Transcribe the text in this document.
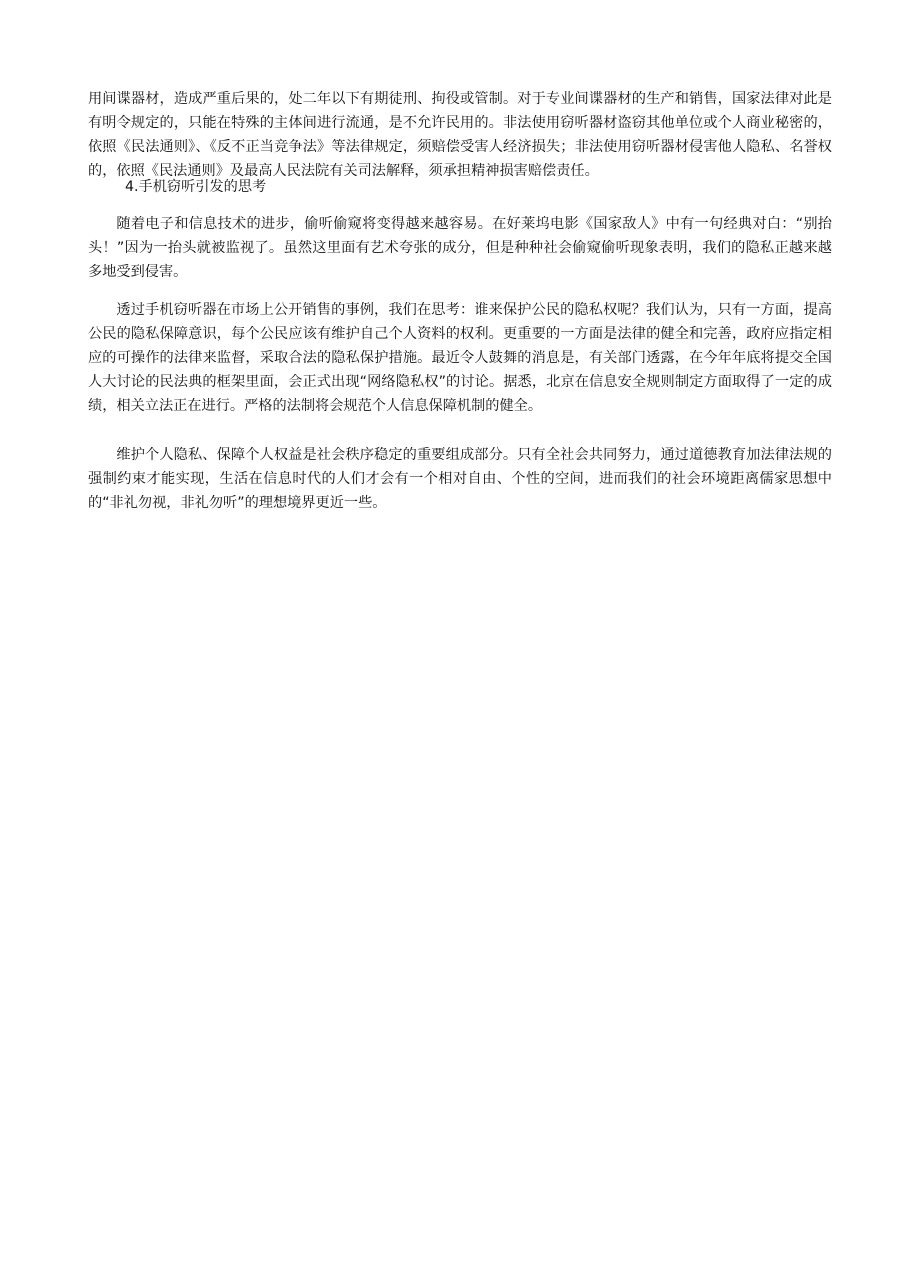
用间谍器材，造成严重后果的，处二年以下有期徒刑、拘役或管制。对于专业间谍器材的生产和销售，国家法律对此是有明令规定的，只能在特殊的主体间进行流通，是不允许民用的。非法使用窃听器材盗窃其他单位或个人商业秘密的，依照《民法通则》、《反不正当竞争法》等法律规定，须赔偿受害人经济损失；非法使用窃听器材侵害他人隐私、名誉权的，依照《民法通则》及最高人民法院有关司法解释，须承担精神损害赔偿责任。

4.手机窃听引发的思考

随着电子和信息技术的进步，偷听偷窥将变得越来越容易。在好莱坞电影《国家敌人》中有一句经典对白：“别抬头！”因为一抬头就被监视了。虽然这里面有艺术夸张的成分，但是种种社会偷窥偷听现象表明，我们的隐私正越来越多地受到侵害。

透过手机窃听器在市场上公开销售的事例，我们在思考：谁来保护公民的隐私权呢？我们认为，只有一方面，提高公民的隐私保障意识，每个公民应该有维护自己个人资料的权利。更重要的一方面是法律的健全和完善，政府应指定相应的可操作的法律来监督，采取合法的隐私保护措施。最近令人鼓舞的消息是，有关部门透露，在今年年底将提交全国人大讨论的民法典的框架里面，会正式出现“网络隐私权”的讨论。据悉，北京在信息安全规则制定方面取得了一定的成绩，相关立法正在进行。严格的法制将会规范个人信息保障机制的健全。

维护个人隐私、保障个人权益是社会秩序稳定的重要组成部分。只有全社会共同努力，通过道德教育加法律法规的强制约束才能实现，生活在信息时代的人们才会有一个相对自由、个性的空间，进而我们的社会环境距离儒家思想中的“非礼勿视，非礼勿听”的理想境界更近一些。
